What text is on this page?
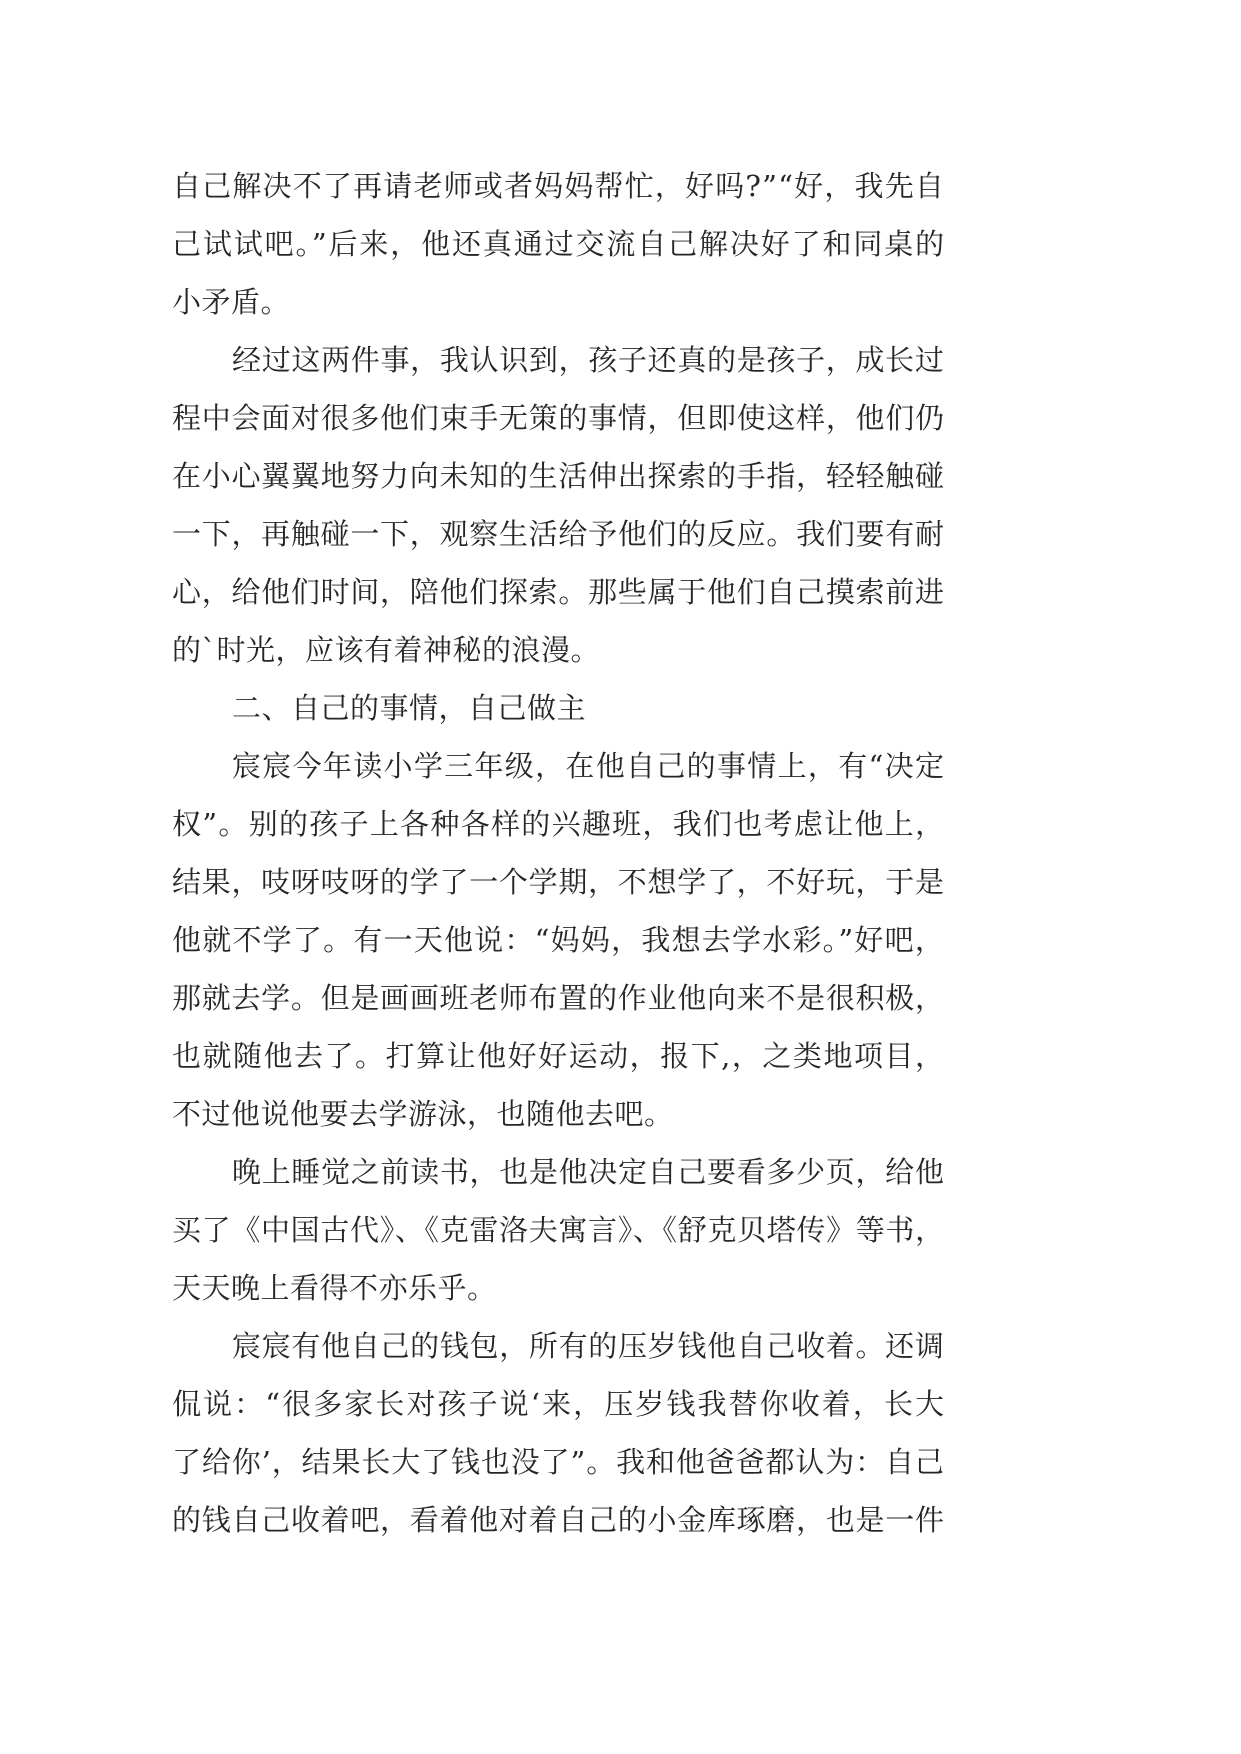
自己解决不了再请老师或者妈妈帮忙，好吗?”“好，我先自
己试试吧。”后来，他还真通过交流自己解决好了和同桌的
小矛盾。
经过这两件事，我认识到，孩子还真的是孩子，成长过
程中会面对很多他们束手无策的事情，但即使这样，他们仍
在小心翼翼地努力向未知的生活伸出探索的手指，轻轻触碰
一下，再触碰一下，观察生活给予他们的反应。我们要有耐
心，给他们时间，陪他们探索。那些属于他们自己摸索前进
的`时光，应该有着神秘的浪漫。
二、自己的事情，自己做主
宸宸今年读小学三年级，在他自己的事情上，有“决定
权”。别的孩子上各种各样的兴趣班，我们也考虑让他上，
结果，吱呀吱呀的学了一个学期，不想学了，不好玩，于是
他就不学了。有一天他说：“妈妈，我想去学水彩。”好吧，
那就去学。但是画画班老师布置的作业他向来不是很积极，
也就随他去了。打算让他好好运动，报下,，之类地项目，
不过他说他要去学游泳，也随他去吧。
晚上睡觉之前读书，也是他决定自己要看多少页，给他
买了《中国古代》、《克雷洛夫寓言》、《舒克贝塔传》等书，
天天晚上看得不亦乐乎。
宸宸有他自己的钱包，所有的压岁钱他自己收着。还调
侃说：“很多家长对孩子说‘来，压岁钱我替你收着，长大
了给你’，结果长大了钱也没了”。我和他爸爸都认为：自己
的钱自己收着吧，看着他对着自己的小金库琢磨，也是一件
